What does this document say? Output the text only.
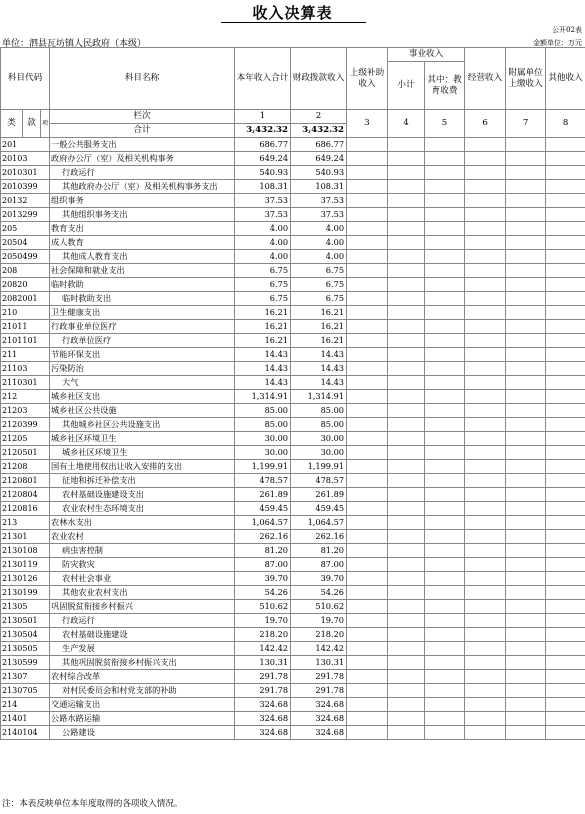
收入决算表
公开02表
单位：泗县瓦坊镇人民政府（本级）	金额单位：万元
科目代码			科目名称	本年收入合计	财政拨款收入	上级补助收入	事业收入		经营收入	附属单位上缴收入	其他收入
							小计	其中：教育收费			

类	款	项	栏次	1	2	3	4	5	6	7	8
			合计	3,432.32	3,432.32						
201			一般公共服务支出	686.77	686.77						
20103			政府办公厅（室）及相关机构事务	649.24	649.24						
2010301			行政运行	540.93	540.93						
2010399			其他政府办公厅（室）及相关机构事务支出	108.31	108.31						
20132			组织事务	37.53	37.53						
2013299			其他组织事务支出	37.53	37.53						
205			教育支出	4.00	4.00						
20504			成人教育	4.00	4.00						
2050499			其他成人教育支出	4.00	4.00						
208			社会保障和就业支出	6.75	6.75						
20820			临时救助	6.75	6.75						
2082001			临时救助支出	6.75	6.75						
210			卫生健康支出	16.21	16.21						
21011			行政事业单位医疗	16.21	16.21						
2101101			行政单位医疗	16.21	16.21						
211			节能环保支出	14.43	14.43						
21103			污染防治	14.43	14.43						
2110301			大气	14.43	14.43						
212			城乡社区支出	1,314.91	1,314.91						
21203			城乡社区公共设施	85.00	85.00						
2120399			其他城乡社区公共设施支出	85.00	85.00						
21205			城乡社区环境卫生	30.00	30.00						
2120501			城乡社区环境卫生	30.00	30.00						
21208			国有土地使用权出让收入安排的支出	1,199.91	1,199.91						
2120801			征地和拆迁补偿支出	478.57	478.57						
2120804			农村基础设施建设支出	261.89	261.89						
2120816			农业农村生态环境支出	459.45	459.45						
213			农林水支出	1,064.57	1,064.57						
21301			农业农村	262.16	262.16						
2130108			病虫害控制	81.20	81.20						
2130119			防灾救灾	87.00	87.00						
2130126			农村社会事业	39.70	39.70						
2130199			其他农业农村支出	54.26	54.26						
21305			巩固脱贫衔接乡村振兴	510.62	510.62						
2130501			行政运行	19.70	19.70						
2130504			农村基础设施建设	218.20	218.20						
2130505			生产发展	142.42	142.42						
2130599			其他巩固脱贫衔接乡村振兴支出	130.31	130.31						
21307			农村综合改革	291.78	291.78						
2130705			对村民委员会和村党支部的补助	291.78	291.78						
214			交通运输支出	324.68	324.68						
21401			公路水路运输	324.68	324.68						
2140104			公路建设	324.68	324.68						
注：本表反映单位本年度取得的各项收入情况。
